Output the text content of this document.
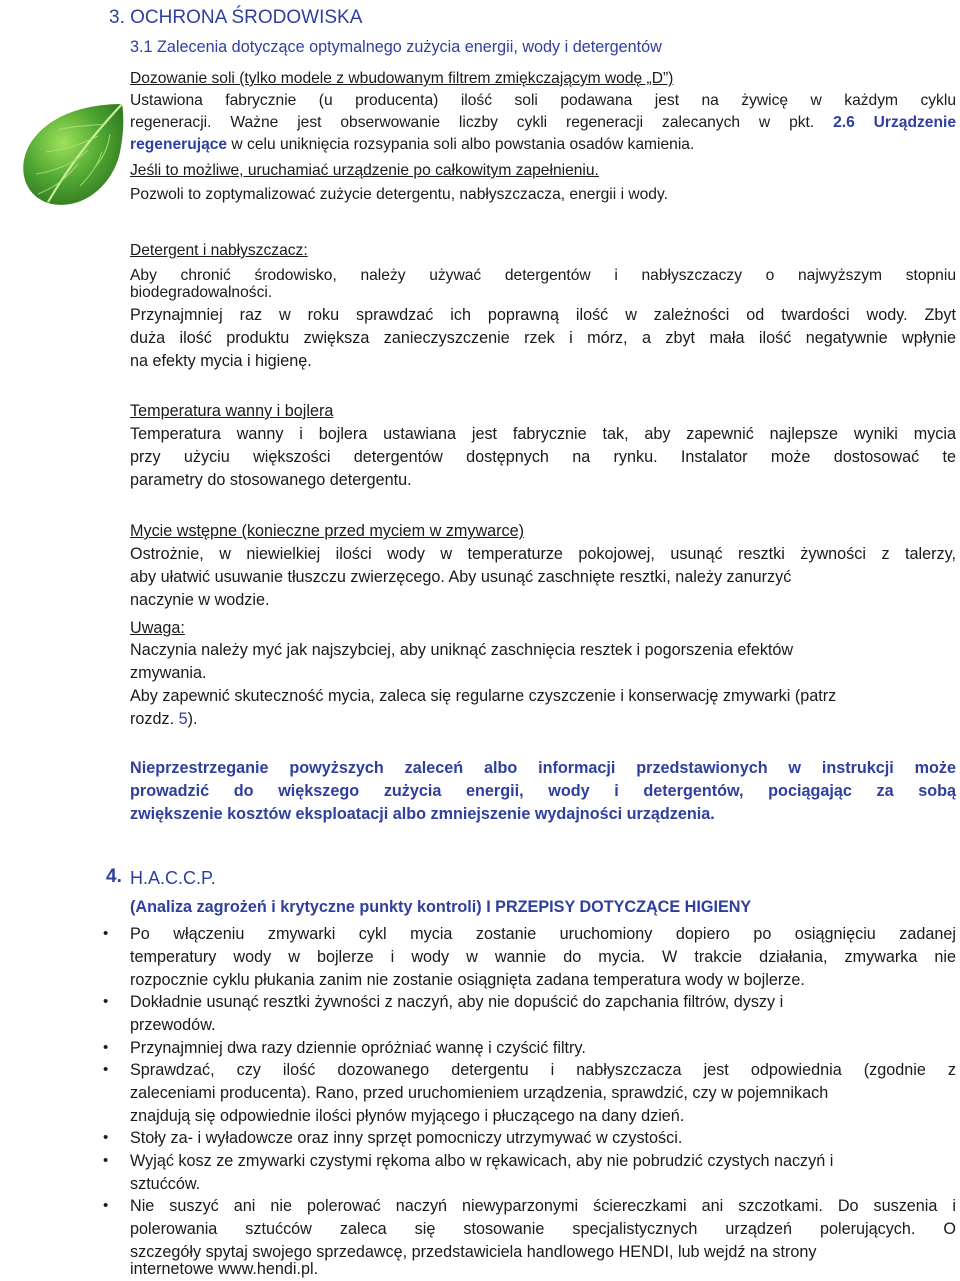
3. OCHRONA ŚRODOWISKA
3.1 Zalecenia dotyczące optymalnego zużycia energii, wody i detergentów
Dozowanie soli (tylko modele z wbudowanym filtrem zmiękczającym wodę „D”)
Ustawiona fabrycznie (u producenta) ilość soli podawana jest na żywicę w każdym cyklu
regeneracji. Ważne jest obserwowanie liczby cykli regeneracji zalecanych w pkt. 2.6 Urządzenie
regenerujące w celu uniknięcia rozsypania soli albo powstania osadów kamienia.
Jeśli to możliwe, uruchamiać urządzenie po całkowitym zapełnieniu.
Pozwoli to zoptymalizować zużycie detergentu, nabłyszczacza, energii i wody.
Detergent i nabłyszczacz:
Aby chronić środowisko, należy używać detergentów i nabłyszczaczy o najwyższym stopniu
biodegradowalności.
Przynajmniej raz w roku sprawdzać ich poprawną ilość w zależności od twardości wody. Zbyt
duża ilość produktu zwiększa zanieczyszczenie rzek i mórz, a zbyt mała ilość negatywnie wpłynie
na efekty mycia i higienę.
Temperatura wanny i bojlera
Temperatura wanny i bojlera ustawiana jest fabrycznie tak, aby zapewnić najlepsze wyniki mycia
przy użyciu większości detergentów dostępnych na rynku. Instalator może dostosować te
parametry do stosowanego detergentu.
Mycie wstępne (konieczne przed myciem w zmywarce)
Ostrożnie, w niewielkiej ilości wody w temperaturze pokojowej, usunąć resztki żywności z talerzy,
aby ułatwić usuwanie tłuszczu zwierzęcego. Aby usunąć zaschnięte resztki, należy zanurzyć
naczynie w wodzie.
Uwaga:
Naczynia należy myć jak najszybciej, aby uniknąć zaschnięcia resztek i pogorszenia efektów
zmywania.
Aby zapewnić skuteczność mycia, zaleca się regularne czyszczenie i konserwację zmywarki (patrz
rozdz. 5).
Nieprzestrzeganie powyższych zaleceń albo informacji przedstawionych w instrukcji może
prowadzić do większego zużycia energii, wody i detergentów, pociągając za sobą
zwiększenie kosztów eksploatacji albo zmniejszenie wydajności urządzenia.
4. H.A.C.C.P.
(Analiza zagrożeń i krytyczne punkty kontroli) I PRZEPISY DOTYCZĄCE HIGIENY
• Po włączeniu zmywarki cykl mycia zostanie uruchomiony dopiero po osiągnięciu zadanej
temperatury wody w bojlerze i wody w wannie do mycia. W trakcie działania, zmywarka nie
rozpocznie cyklu płukania zanim nie zostanie osiągnięta zadana temperatura wody w bojlerze.
• Dokładnie usunąć resztki żywności z naczyń, aby nie dopuścić do zapchania filtrów, dyszy i
przewodów.
• Przynajmniej dwa razy dziennie opróżniać wannę i czyścić filtry.
• Sprawdzać, czy ilość dozowanego detergentu i nabłyszczacza jest odpowiednia (zgodnie z
zaleceniami producenta). Rano, przed uruchomieniem urządzenia, sprawdzić, czy w pojemnikach
znajdują się odpowiednie ilości płynów myjącego i płuczącego na dany dzień.
• Stoły za- i wyładowcze oraz inny sprzęt pomocniczy utrzymywać w czystości.
• Wyjąć kosz ze zmywarki czystymi rękoma albo w rękawicach, aby nie pobrudzić czystych naczyń i
sztućców.
• Nie suszyć ani nie polerować naczyń niewyparzonymi ściereczkami ani szczotkami. Do suszenia i
polerowania sztućców zaleca się stosowanie specjalistycznych urządzeń polerujących. O
szczegóły spytaj swojego sprzedawcę, przedstawiciela handlowego HENDI, lub wejdź na strony
internetowe www.hendi.pl.
